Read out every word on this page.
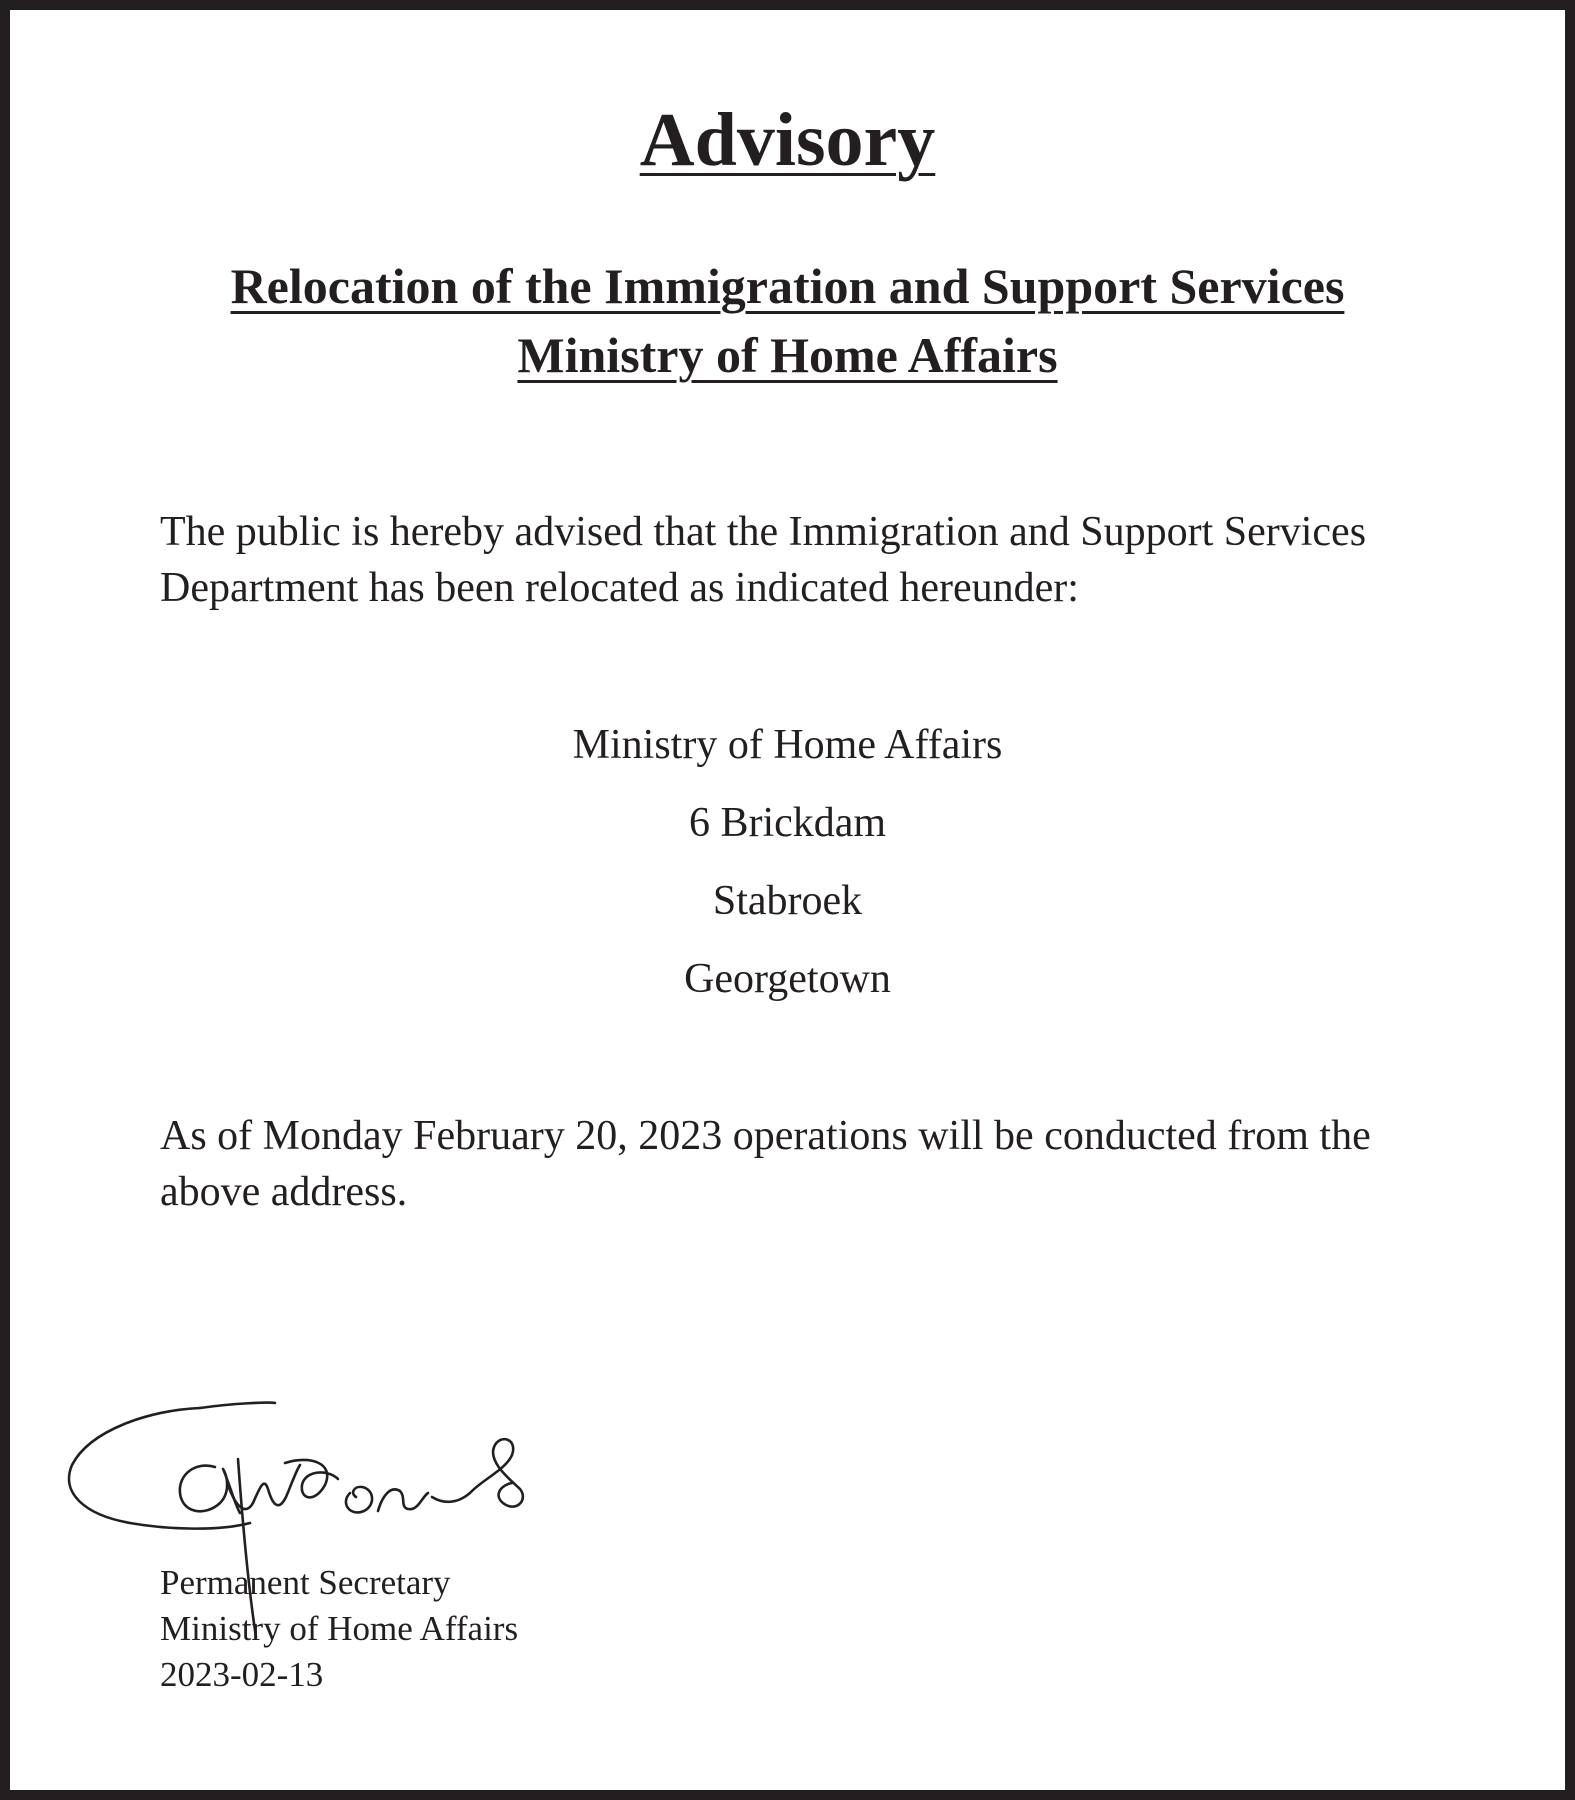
Advisory
Relocation of the Immigration and Support Services
Ministry of Home Affairs

The public is hereby advised that the Immigration and Support Services Department has been relocated as indicated hereunder:

Ministry of Home Affairs
6 Brickdam
Stabroek
Georgetown

As of Monday February 20, 2023 operations will be conducted from the above address.

Permanent Secretary
Ministry of Home Affairs
2023-02-13
